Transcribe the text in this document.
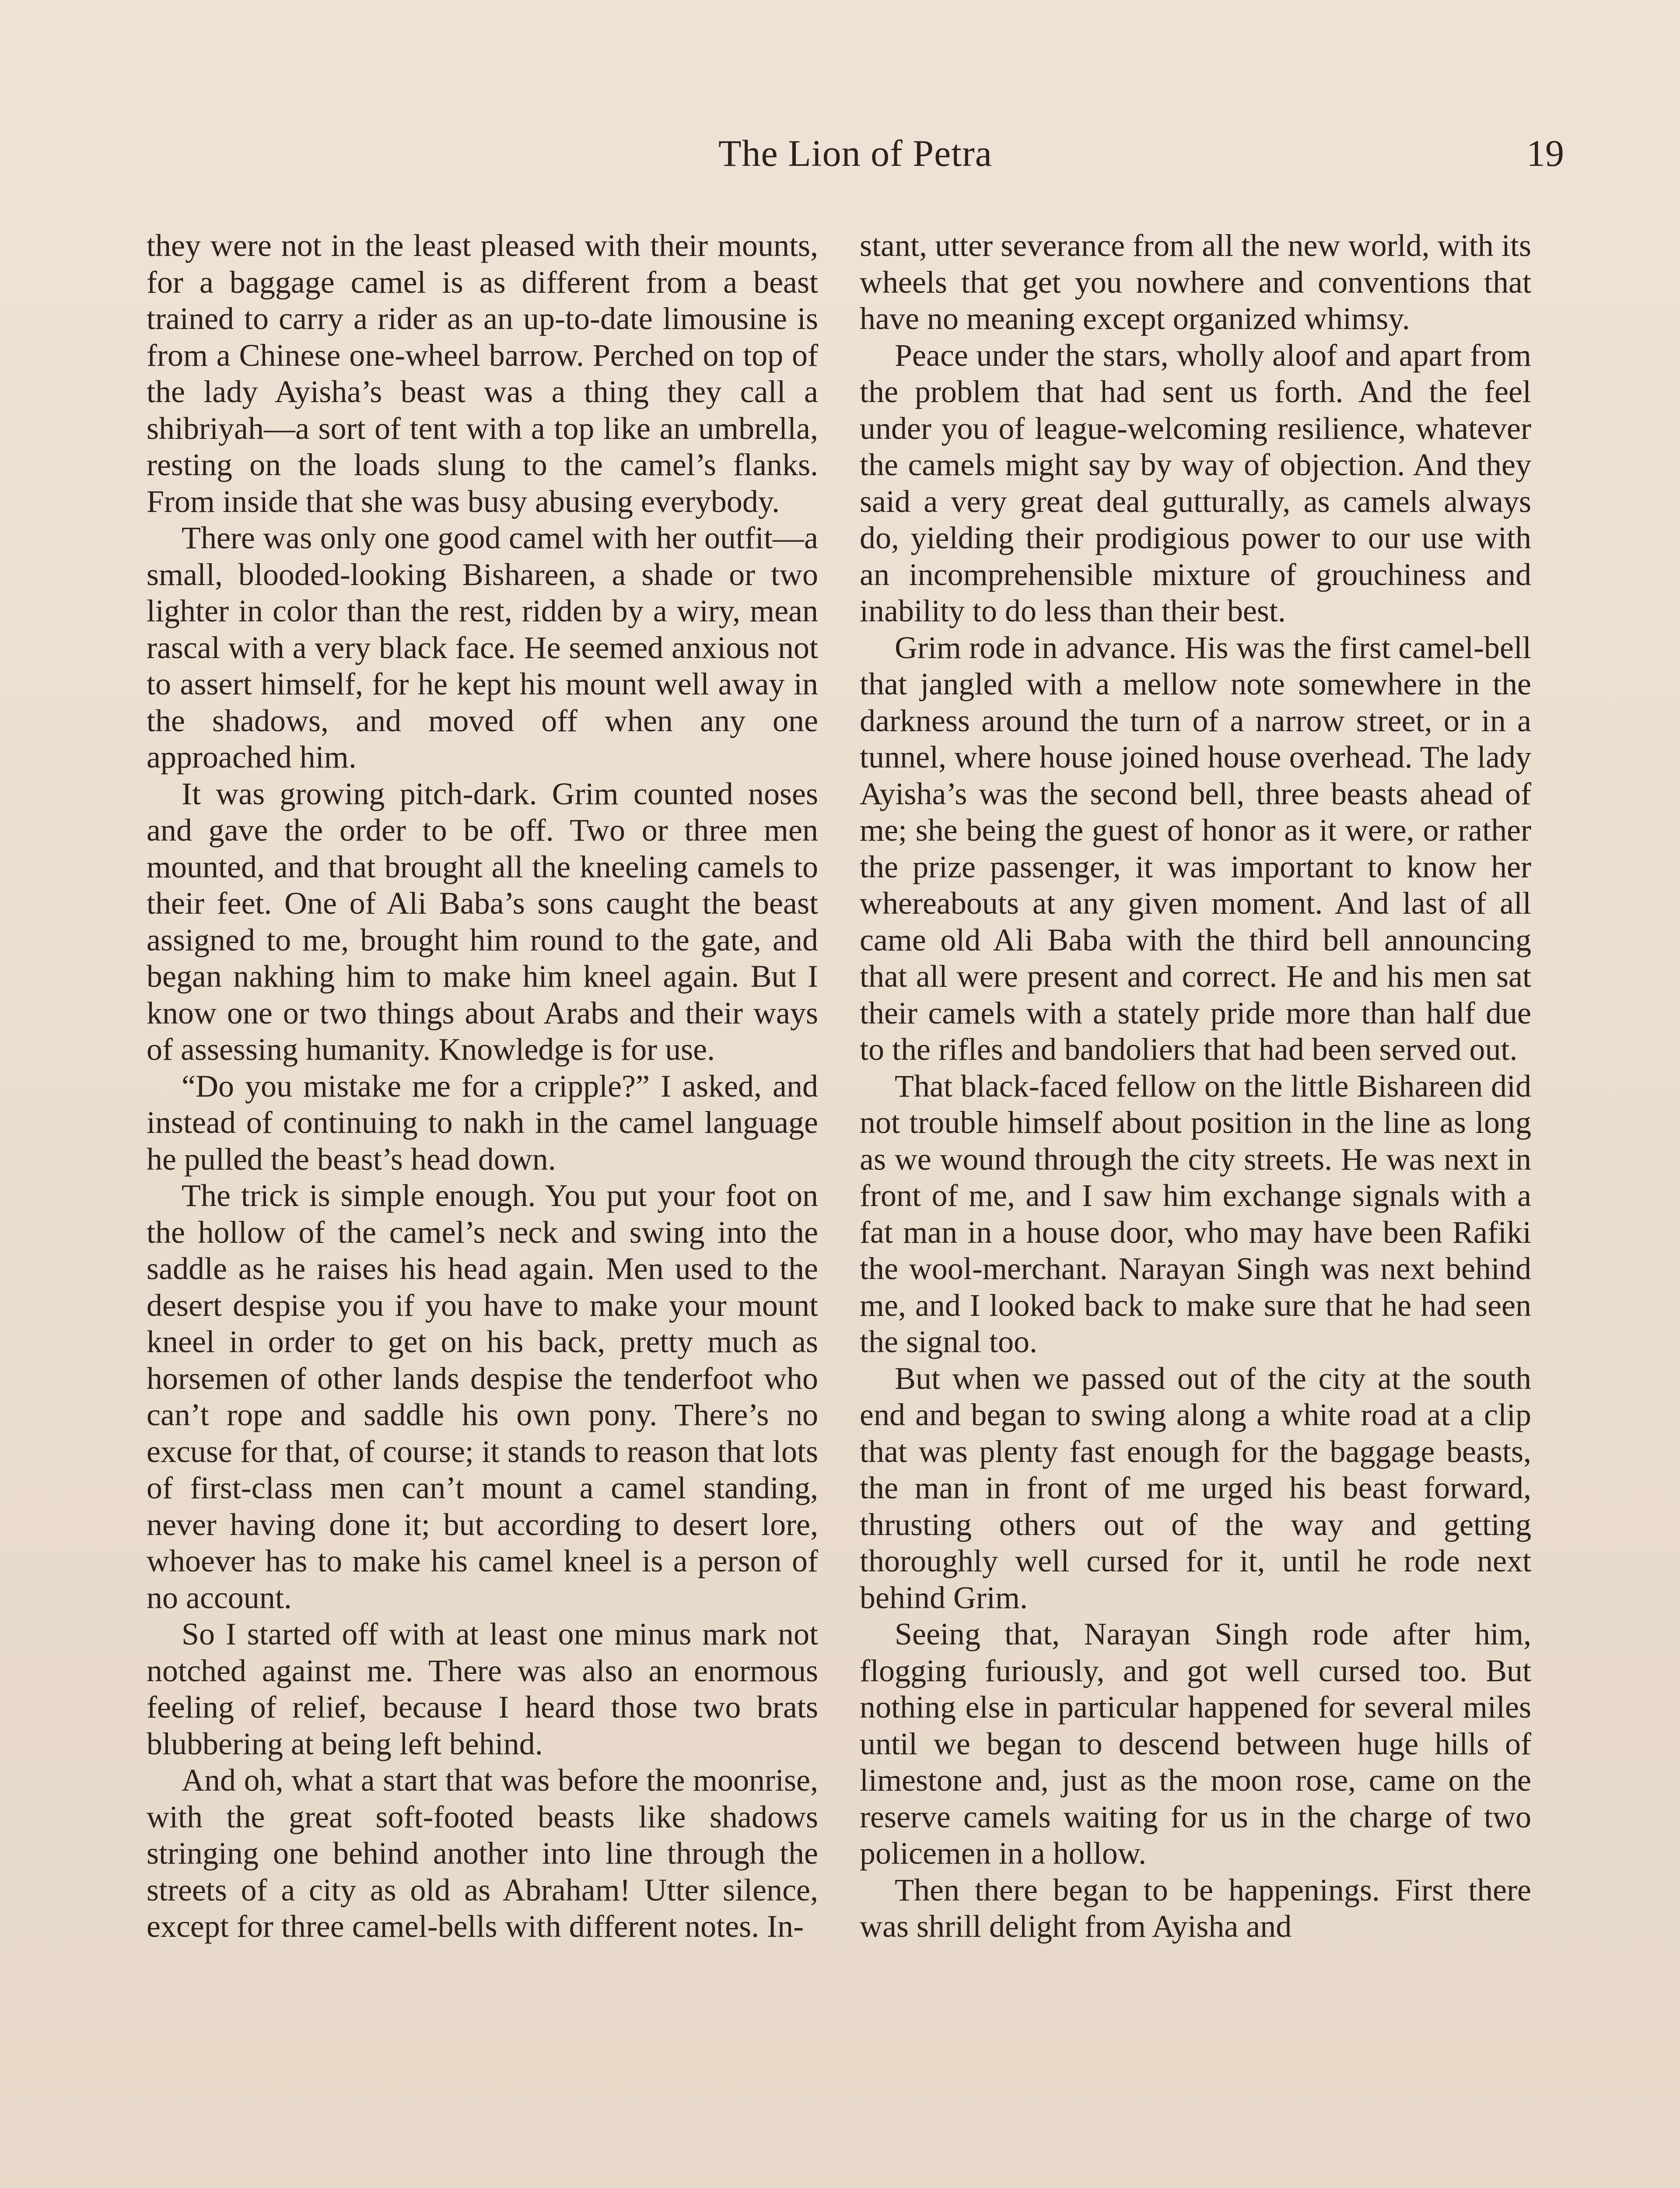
The Lion of Petra	19

they were not in the least pleased with their mounts, for a baggage camel is as different from a beast trained to carry a rider as an up-to-date limousine is from a Chinese one-wheel barrow. Perched on top of the lady Ayisha’s beast was a thing they call a shibriyah—a sort of tent with a top like an umbrella, resting on the loads slung to the camel’s flanks. From inside that she was busy abusing everybody.

There was only one good camel with her outfit—a small, blooded-looking Bishareen, a shade or two lighter in color than the rest, ridden by a wiry, mean rascal with a very black face. He seemed anxious not to assert himself, for he kept his mount well away in the shadows, and moved off when any one approached him.

It was growing pitch-dark. Grim counted noses and gave the order to be off. Two or three men mounted, and that brought all the kneeling camels to their feet. One of Ali Baba’s sons caught the beast assigned to me, brought him round to the gate, and began nakhing him to make him kneel again. But I know one or two things about Arabs and their ways of assessing humanity. Knowledge is for use.

“Do you mistake me for a cripple?” I asked, and instead of continuing to nakh in the camel language he pulled the beast’s head down.

The trick is simple enough. You put your foot on the hollow of the camel’s neck and swing into the saddle as he raises his head again. Men used to the desert despise you if you have to make your mount kneel in order to get on his back, pretty much as horsemen of other lands despise the tenderfoot who can’t rope and saddle his own pony. There’s no excuse for that, of course; it stands to reason that lots of first-class men can’t mount a camel standing, never having done it; but according to desert lore, whoever has to make his camel kneel is a person of no account.

So I started off with at least one minus mark not notched against me. There was also an enormous feeling of relief, because I heard those two brats blubbering at being left behind.

And oh, what a start that was before the moonrise, with the great soft-footed beasts like shadows stringing one behind another into line through the streets of a city as old as Abraham! Utter silence, except for three camel-bells with different notes. In-

stant, utter severance from all the new world, with its wheels that get you nowhere and conventions that have no meaning except organized whimsy.

Peace under the stars, wholly aloof and apart from the problem that had sent us forth. And the feel under you of league-welcoming resilience, whatever the camels might say by way of objection. And they said a very great deal gutturally, as camels always do, yielding their prodigious power to our use with an incomprehensible mixture of grouchiness and inability to do less than their best.

Grim rode in advance. His was the first camel-bell that jangled with a mellow note somewhere in the darkness around the turn of a narrow street, or in a tunnel, where house joined house overhead. The lady Ayisha’s was the second bell, three beasts ahead of me; she being the guest of honor as it were, or rather the prize passenger, it was important to know her whereabouts at any given moment. And last of all came old Ali Baba with the third bell announcing that all were present and correct. He and his men sat their camels with a stately pride more than half due to the rifles and bandoliers that had been served out.

That black-faced fellow on the little Bishareen did not trouble himself about position in the line as long as we wound through the city streets. He was next in front of me, and I saw him exchange signals with a fat man in a house door, who may have been Rafiki the wool-merchant. Narayan Singh was next behind me, and I looked back to make sure that he had seen the signal too.

But when we passed out of the city at the south end and began to swing along a white road at a clip that was plenty fast enough for the baggage beasts, the man in front of me urged his beast forward, thrusting others out of the way and getting thoroughly well cursed for it, until he rode next behind Grim.

Seeing that, Narayan Singh rode after him, flogging furiously, and got well cursed too. But nothing else in particular happened for several miles until we began to descend between huge hills of limestone and, just as the moon rose, came on the reserve camels waiting for us in the charge of two policemen in a hollow.

Then there began to be happenings. First there was shrill delight from Ayisha and
